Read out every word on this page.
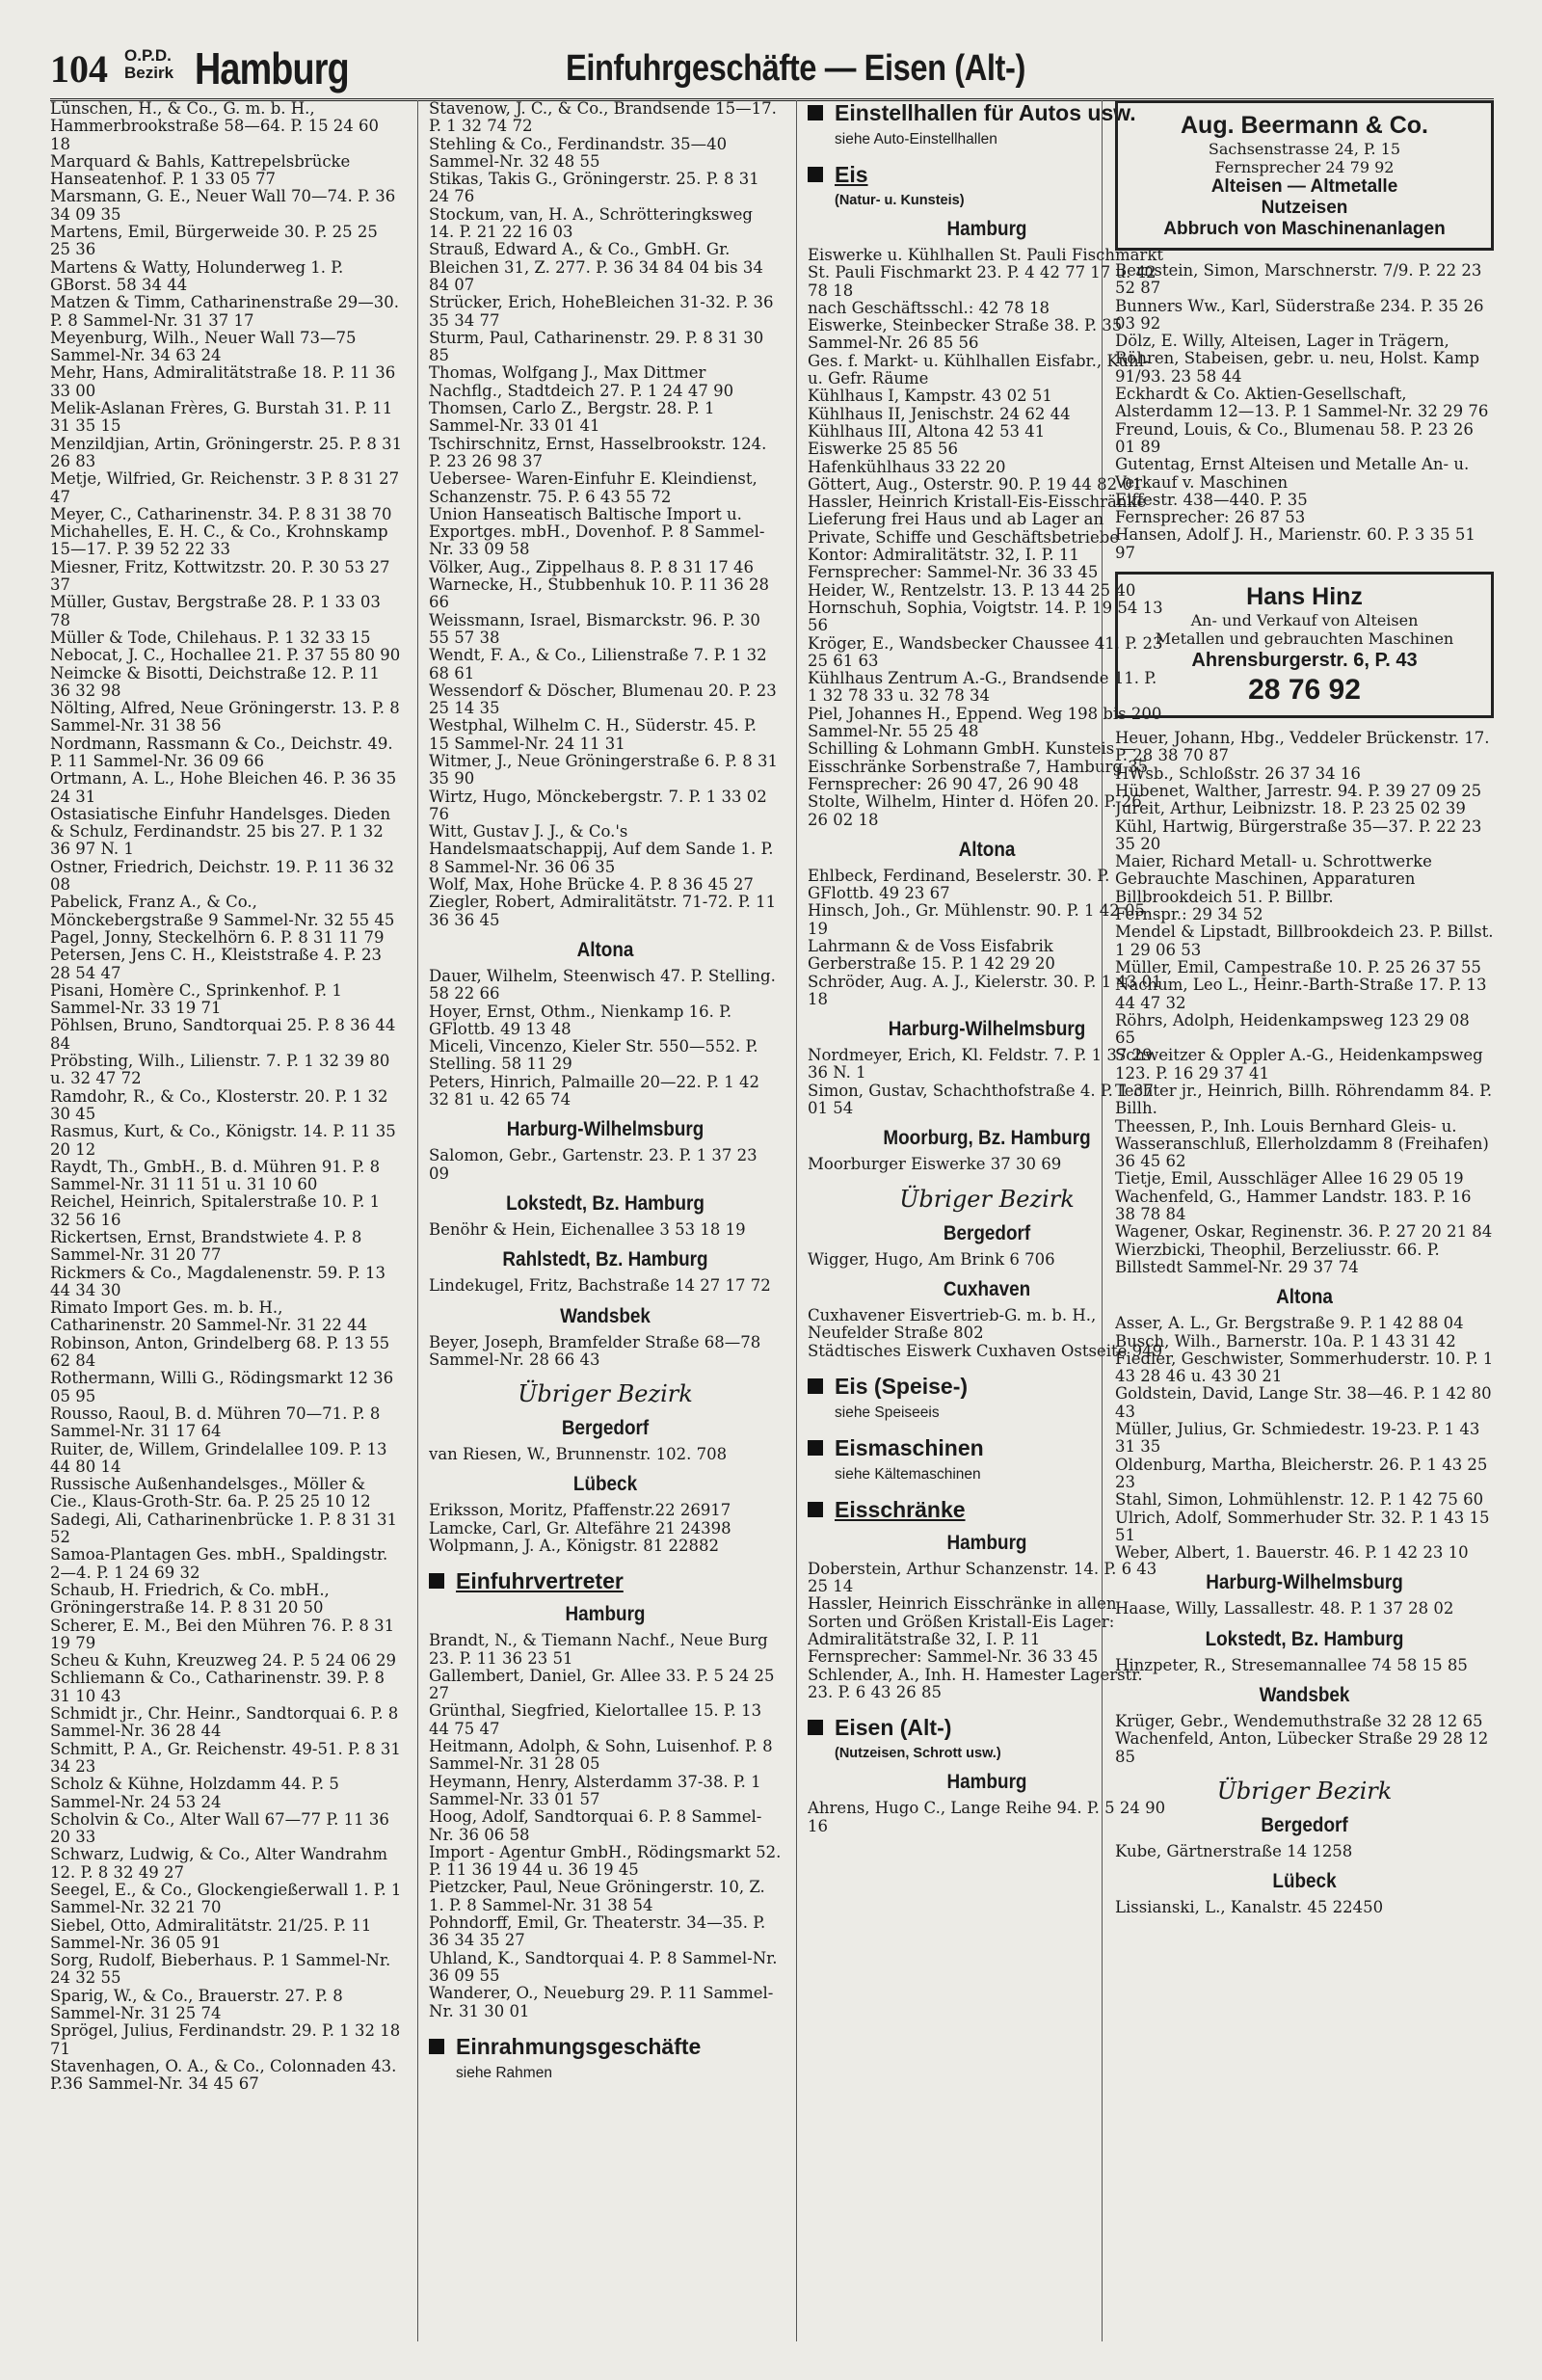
104 O.P.D.
Bezirk Hamburg	Einfuhrgeschäfte — Eisen (Alt-)

Lünschen, H., & Co., G. m. b. H., Hammerbrookstraße 58—64. P. 15 24 60 18

Marquard & Bahls, Kattrepelsbrücke Hanseatenhof. P. 1 33 05 77

Marsmann, G. E., Neuer Wall 70—74. P. 36 34 09 35

Martens, Emil, Bürgerweide 30. P. 25 25 25 36

Martens & Watty, Holunderweg 1. P. GBorst. 58 34 44

Matzen & Timm, Catharinenstraße 29—30. P. 8 Sammel-Nr. 31 37 17

Meyenburg, Wilh., Neuer Wall 73—75 Sammel-Nr. 34 63 24

Mehr, Hans, Admiralitätstraße 18. P. 11 36 33 00

Melik-Aslanan Frères, G. Burstah 31. P. 11 31 35 15

Menzildjian, Artin, Gröningerstr. 25. P. 8 31 26 83

Metje, Wilfried, Gr. Reichenstr. 3 P. 8 31 27 47

Meyer, C., Catharinenstr. 34. P. 8 31 38 70

Michahelles, E. H. C., & Co., Krohnskamp 15—17. P. 39 52 22 33

Miesner, Fritz, Kottwitzstr. 20. P. 30 53 27 37

Müller, Gustav, Bergstraße 28. P. 1 33 03 78

Müller & Tode, Chilehaus. P. 1 32 33 15

Nebocat, J. C., Hochallee 21. P. 37 55 80 90

Neimcke & Bisotti, Deichstraße 12. P. 11 36 32 98

Nölting, Alfred, Neue Gröningerstr. 13. P. 8 Sammel-Nr. 31 38 56

Nordmann, Rassmann & Co., Deichstr. 49. P. 11 Sammel-Nr. 36 09 66

Ortmann, A. L., Hohe Bleichen 46. P. 36 35 24 31

Ostasiatische Einfuhr Handelsges. Dieden & Schulz, Ferdinandstr. 25 bis 27. P. 1 32 36 97 N. 1

Ostner, Friedrich, Deichstr. 19. P. 11 36 32 08

Pabelick, Franz A., & Co., Mönckebergstraße 9 Sammel-Nr. 32 55 45

Pagel, Jonny, Steckelhörn 6. P. 8 31 11 79

Petersen, Jens C. H., Kleiststraße 4. P. 23 28 54 47

Pisani, Homère C., Sprinkenhof. P. 1 Sammel-Nr. 33 19 71

Pöhlsen, Bruno, Sandtorquai 25. P. 8 36 44 84

Pröbsting, Wilh., Lilienstr. 7. P. 1 32 39 80 u. 32 47 72

Ramdohr, R., & Co., Klosterstr. 20. P. 1 32 30 45

Rasmus, Kurt, & Co., Königstr. 14. P. 11 35 20 12

Raydt, Th., GmbH., B. d. Mühren 91. P. 8 Sammel-Nr. 31 11 51 u. 31 10 60

Reichel, Heinrich, Spitalerstraße 10. P. 1 32 56 16

Rickertsen, Ernst, Brandstwiete 4. P. 8 Sammel-Nr. 31 20 77

Rickmers & Co., Magdalenenstr. 59. P. 13 44 34 30

Rimato Import Ges. m. b. H., Catharinenstr. 20 Sammel-Nr. 31 22 44

Robinson, Anton, Grindelberg 68. P. 13 55 62 84

Rothermann, Willi G., Rödingsmarkt 12 36 05 95

Rousso, Raoul, B. d. Mühren 70—71. P. 8 Sammel-Nr. 31 17 64

Ruiter, de, Willem, Grindelallee 109. P. 13 44 80 14

Russische Außenhandelsges., Möller & Cie., Klaus-Groth-Str. 6a. P. 25 25 10 12

Sadegi, Ali, Catharinenbrücke 1. P. 8 31 31 52

Samoa-Plantagen Ges. mbH., Spaldingstr. 2—4. P. 1 24 69 32

Schaub, H. Friedrich, & Co. mbH., Gröningerstraße 14. P. 8 31 20 50

Scherer, E. M., Bei den Mühren 76. P. 8 31 19 79

Scheu & Kuhn, Kreuzweg 24. P. 5 24 06 29

Schliemann & Co., Catharinenstr. 39. P. 8 31 10 43

Schmidt jr., Chr. Heinr., Sandtorquai 6. P. 8 Sammel-Nr. 36 28 44

Schmitt, P. A., Gr. Reichenstr. 49-51. P. 8 31 34 23

Scholz & Kühne, Holzdamm 44. P. 5 Sammel-Nr. 24 53 24

Scholvin & Co., Alter Wall 67—77 P. 11 36 20 33

Schwarz, Ludwig, & Co., Alter Wandrahm 12. P. 8 32 49 27

Seegel, E., & Co., Glockengießerwall 1. P. 1 Sammel-Nr. 32 21 70

Siebel, Otto, Admiralitätstr. 21/25. P. 11 Sammel-Nr. 36 05 91

Sorg, Rudolf, Bieberhaus. P. 1 Sammel-Nr. 24 32 55

Sparig, W., & Co., Brauerstr. 27. P. 8 Sammel-Nr. 31 25 74

Sprögel, Julius, Ferdinandstr. 29. P. 1 32 18 71

Stavenhagen, O. A., & Co., Colonnaden 43. P.36 Sammel-Nr. 34 45 67

Stavenow, J. C., & Co., Brandsende 15—17. P. 1 32 74 72

Stehling & Co., Ferdinandstr. 35—40 Sammel-Nr. 32 48 55

Stikas, Takis G., Gröningerstr. 25. P. 8 31 24 76

Stockum, van, H. A., Schrötteringksweg 14. P. 21 22 16 03

Strauß, Edward A., & Co., GmbH. Gr. Bleichen 31, Z. 277. P. 36 34 84 04 bis 34 84 07

Strücker, Erich, HoheBleichen 31-32. P. 36 35 34 77

Sturm, Paul, Catharinenstr. 29. P. 8 31 30 85

Thomas, Wolfgang J., Max Dittmer Nachflg., Stadtdeich 27. P. 1 24 47 90

Thomsen, Carlo Z., Bergstr. 28. P. 1 Sammel-Nr. 33 01 41

Tschirschnitz, Ernst, Hasselbrookstr. 124. P. 23 26 98 37

Uebersee- Waren-Einfuhr E. Kleindienst, Schanzenstr. 75. P. 6 43 55 72

Union Hanseatisch Baltische Import u. Exportges. mbH., Dovenhof. P. 8 Sammel-Nr. 33 09 58

Völker, Aug., Zippelhaus 8. P. 8 31 17 46

Warnecke, H., Stubbenhuk 10. P. 11 36 28 66

Weissmann, Israel, Bismarckstr. 96. P. 30 55 57 38

Wendt, F. A., & Co., Lilienstraße 7. P. 1 32 68 61

Wessendorf & Döscher, Blumenau 20. P. 23 25 14 35

Westphal, Wilhelm C. H., Süderstr. 45. P. 15 Sammel-Nr. 24 11 31

Witmer, J., Neue Gröningerstraße 6. P. 8 31 35 90

Wirtz, Hugo, Mönckebergstr. 7. P. 1 33 02 76

Witt, Gustav J. J., & Co.'s Handelsmaatschappij, Auf dem Sande 1. P. 8 Sammel-Nr. 36 06 35

Wolf, Max, Hohe Brücke 4. P. 8 36 45 27

Ziegler, Robert, Admiralitätstr. 71-72. P. 11 36 36 45

Altona

Dauer, Wilhelm, Steenwisch 47. P. Stelling. 58 22 66

Hoyer, Ernst, Othm., Nienkamp 16. P. GFlottb. 49 13 48

Miceli, Vincenzo, Kieler Str. 550—552. P. Stelling. 58 11 29

Peters, Hinrich, Palmaille 20—22. P. 1 42 32 81 u. 42 65 74

Harburg-Wilhelmsburg

Salomon, Gebr., Gartenstr. 23. P. 1 37 23 09

Lokstedt, Bz. Hamburg

Benöhr & Hein, Eichenallee 3 53 18 19

Rahlstedt, Bz. Hamburg

Lindekugel, Fritz, Bachstraße 14 27 17 72

Wandsbek

Beyer, Joseph, Bramfelder Straße 68—78 Sammel-Nr. 28 66 43

Übriger Bezirk
Bergedorf

van Riesen, W., Brunnenstr. 102. 708

Lübeck

Eriksson, Moritz, Pfaffenstr.22 26917

Lamcke, Carl, Gr. Altefähre 21 24398

Wolpmann, J. A., Königstr. 81 22882

Einfuhrvertreter
Hamburg

Brandt, N., & Tiemann Nachf., Neue Burg 23. P. 11 36 23 51

Gallembert, Daniel, Gr. Allee 33. P. 5 24 25 27

Grünthal, Siegfried, Kielortallee 15. P. 13 44 75 47

Heitmann, Adolph, & Sohn, Luisenhof. P. 8 Sammel-Nr. 31 28 05

Heymann, Henry, Alsterdamm 37-38. P. 1 Sammel-Nr. 33 01 57

Hoog, Adolf, Sandtorquai 6. P. 8 Sammel-Nr. 36 06 58

Import - Agentur GmbH., Rödingsmarkt 52. P. 11 36 19 44 u. 36 19 45

Pietzcker, Paul, Neue Gröningerstr. 10, Z. 1. P. 8 Sammel-Nr. 31 38 54

Pohndorff, Emil, Gr. Theaterstr. 34—35. P. 36 34 35 27

Uhland, K., Sandtorquai 4. P. 8 Sammel-Nr. 36 09 55

Wanderer, O., Neueburg 29. P. 11 Sammel-Nr. 31 30 01

Einrahmungsgeschäfte
siehe Rahmen
Einstellhallen für Autos usw.
siehe Auto-Einstellhallen
Eis
(Natur- u. Kunsteis)
Hamburg

Eiswerke u. Kühlhallen St. Pauli Fischmarkt

St. Pauli Fischmarkt 23. P. 4 42 77 17 u. 42 78 18

nach Geschäftsschl.: 42 78 18

Eiswerke, Steinbecker Straße 38. P. 35 Sammel-Nr. 26 85 56

Ges. f. Markt- u. Kühlhallen Eisfabr., Kühl- u. Gefr. Räume

Kühlhaus I, Kampstr. 43 02 51

Kühlhaus II, Jenischstr. 24 62 44

Kühlhaus III, Altona 42 53 41

Eiswerke 25 85 56

Hafenkühlhaus 33 22 20

Göttert, Aug., Osterstr. 90. P. 19 44 82 01

Hassler, Heinrich Kristall-Eis-Eisschränke Lieferung frei Haus und ab Lager an Private, Schiffe und Geschäftsbetriebe

Kontor: Admiralitätstr. 32, I. P. 11

Fernsprecher: Sammel-Nr. 36 33 45

Heider, W., Rentzelstr. 13. P. 13 44 25 40

Hornschuh, Sophia, Voigtstr. 14. P. 19 54 13 56

Kröger, E., Wandsbecker Chaussee 41. P. 23 25 61 63

Kühlhaus Zentrum A.-G., Brandsende 11. P. 1 32 78 33 u. 32 78 34

Piel, Johannes H., Eppend. Weg 198 bis 200 Sammel-Nr. 55 25 48

Schilling & Lohmann GmbH. Kunsteis — Eisschränke Sorbenstraße 7, Hamburg 35

Fernsprecher: 26 90 47, 26 90 48

Stolte, Wilhelm, Hinter d. Höfen 20. P. 26 26 02 18

Altona

Ehlbeck, Ferdinand, Beselerstr. 30. P. GFlottb. 49 23 67

Hinsch, Joh., Gr. Mühlenstr. 90. P. 1 42 05 19

Lahrmann & de Voss Eisfabrik

Gerberstraße 15. P. 1 42 29 20

Schröder, Aug. A. J., Kielerstr. 30. P. 1 43 01 18

Harburg-Wilhelmsburg

Nordmeyer, Erich, Kl. Feldstr. 7. P. 1 37 29 36 N. 1

Simon, Gustav, Schachthofstraße 4. P. 1 37 01 54

Moorburg, Bz. Hamburg

Moorburger Eiswerke 37 30 69

Übriger Bezirk
Bergedorf

Wigger, Hugo, Am Brink 6 706

Cuxhaven

Cuxhavener Eisvertrieb-G. m. b. H., Neufelder Straße 802

Städtisches Eiswerk Cuxhaven Ostseite 949

Eis (Speise-)
siehe Speiseeis
Eismaschinen
siehe Kältemaschinen
Eisschränke
Hamburg

Doberstein, Arthur Schanzenstr. 14. P. 6 43 25 14

Hassler, Heinrich Eisschränke in allen Sorten und Größen Kristall-Eis Lager:

Admiralitätstraße 32, I. P. 11

Fernsprecher: Sammel-Nr. 36 33 45

Schlender, A., Inh. H. Hamester Lagerstr. 23. P. 6 43 26 85

Eisen (Alt-)
(Nutzeisen, Schrott usw.)
Hamburg

Ahrens, Hugo C., Lange Reihe 94. P. 5 24 90 16

Aug. Beermann & Co.
Sachsenstrasse 24, P. 15
Fernsprecher 24 79 92
Alteisen — Altmetalle
Nutzeisen
Abbruch von Maschinenanlagen

Bernstein, Simon, Marschnerstr. 7/9. P. 22 23 52 87

Bunners Ww., Karl, Süderstraße 234. P. 35 26 03 92

Dölz, E. Willy, Alteisen, Lager in Trägern, Röhren, Stabeisen, gebr. u. neu, Holst. Kamp 91/93. 23 58 44

Eckhardt & Co. Aktien-Gesellschaft, Alsterdamm 12—13. P. 1 Sammel-Nr. 32 29 76

Freund, Louis, & Co., Blumenau 58. P. 23 26 01 89

Gutentag, Ernst Alteisen und Metalle An- u. Verkauf v. Maschinen

Eiffestr. 438—440. P. 35

Fernsprecher: 26 87 53

Hansen, Adolf J. H., Marienstr. 60. P. 3 35 51 97

Hans Hinz
An- und Verkauf von Alteisen
Metallen und gebrauchten Maschinen
Ahrensburgerstr. 6, P. 43
28 76 92

Heuer, Johann, Hbg., Veddeler Brückenstr. 17. P. 28 38 70 87

HWsb., Schloßstr. 26 37 34 16

Hübenet, Walther, Jarrestr. 94. P. 39 27 09 25

Jureit, Arthur, Leibnizstr. 18. P. 23 25 02 39

Kühl, Hartwig, Bürgerstraße 35—37. P. 22 23 35 20

Maier, Richard Metall- u. Schrottwerke Gebrauchte Maschinen, Apparaturen Billbrookdeich 51. P. Billbr.

Fernspr.: 29 34 52

Mendel & Lipstadt, Billbrookdeich 23. P. Billst. 1 29 06 53

Müller, Emil, Campestraße 10. P. 25 26 37 55

Nachum, Leo L., Heinr.-Barth-Straße 17. P. 13 44 47 32

Röhrs, Adolph, Heidenkampsweg 123 29 08 65

Schweitzer & Oppler A.-G., Heidenkampsweg 123. P. 16 29 37 41

Techter jr., Heinrich, Billh. Röhrendamm 84. P. Billh.

Theessen, P., Inh. Louis Bernhard Gleis- u. Wasseranschluß, Ellerholzdamm 8 (Freihafen) 36 45 62

Tietje, Emil, Ausschläger Allee 16 29 05 19

Wachenfeld, G., Hammer Landstr. 183. P. 16 38 78 84

Wagener, Oskar, Reginenstr. 36. P. 27 20 21 84

Wierzbicki, Theophil, Berzeliusstr. 66. P. Billstedt Sammel-Nr. 29 37 74

Altona

Asser, A. L., Gr. Bergstraße 9. P. 1 42 88 04

Busch, Wilh., Barnerstr. 10a. P. 1 43 31 42

Fiedler, Geschwister, Sommerhuderstr. 10. P. 1 43 28 46 u. 43 30 21

Goldstein, David, Lange Str. 38—46. P. 1 42 80 43

Müller, Julius, Gr. Schmiedestr. 19-23. P. 1 43 31 35

Oldenburg, Martha, Bleicherstr. 26. P. 1 43 25 23

Stahl, Simon, Lohmühlenstr. 12. P. 1 42 75 60

Ulrich, Adolf, Sommerhuder Str. 32. P. 1 43 15 51

Weber, Albert, 1. Bauerstr. 46. P. 1 42 23 10

Harburg-Wilhelmsburg

Haase, Willy, Lassallestr. 48. P. 1 37 28 02

Lokstedt, Bz. Hamburg

Hinzpeter, R., Stresemannallee 74 58 15 85

Wandsbek

Krüger, Gebr., Wendemuthstraße 32 28 12 65

Wachenfeld, Anton, Lübecker Straße 29 28 12 85

Übriger Bezirk
Bergedorf

Kube, Gärtnerstraße 14 1258

Lübeck

Lissianski, L., Kanalstr. 45 22450
